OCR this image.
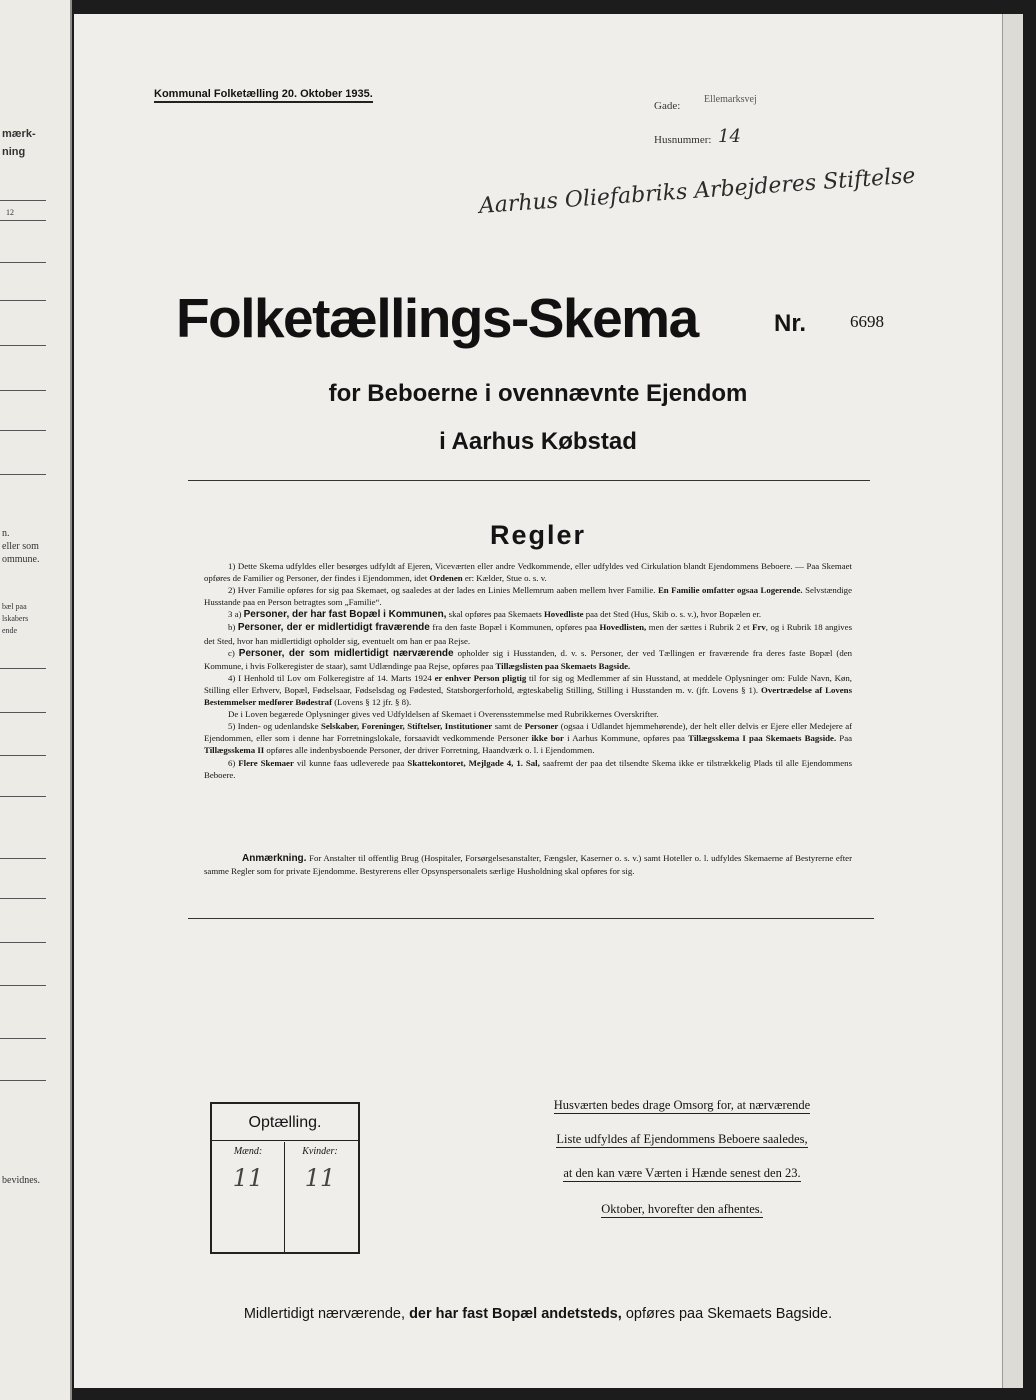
mærk-
ning
12
n.
eller som
ommune.
bæl paa
lskabers
ende
bevidnes.
Kommunal Folketælling 20. Oktober 1935.
Gade:
Ellemarksvej
Husnummer: 14
Aarhus Oliefabriks Arbejderes Stiftelse
Folketællings-Skema	Nr.	6698
for Beboerne i ovennævnte Ejendom
i Aarhus Købstad
Regler

1) Dette Skema udfyldes eller besørges udfyldt af Ejeren, Viceværten eller andre Vedkommende, eller udfyldes ved Cirkulation blandt Ejendommens Beboere. — Paa Skemaet opføres de Familier og Personer, der findes i Ejendommen, idet Ordenen er: Kælder, Stue o. s. v.

2) Hver Familie opføres for sig paa Skemaet, og saaledes at der lades en Linies Mellemrum aaben mellem hver Familie. En Familie omfatter ogsaa Logerende. Selvstændige Husstande paa en Person betragtes som „Familie“.

3 a) Personer, der har fast Bopæl i Kommunen, skal opføres paa Skemaets Hovedliste paa det Sted (Hus, Skib o. s. v.), hvor Bopælen er.

b) Personer, der er midlertidigt fraværende fra den faste Bopæl i Kommunen, opføres paa Hovedlisten, men der sættes i Rubrik 2 et Frv, og i Rubrik 18 angives det Sted, hvor han midlertidigt opholder sig, eventuelt om han er paa Rejse.

c) Personer, der som midlertidigt nærværende opholder sig i Husstanden, d. v. s. Personer, der ved Tællingen er fraværende fra deres faste Bopæl (den Kommune, i hvis Folkeregister de staar), samt Udlændinge paa Rejse, opføres paa Tillægslisten paa Skemaets Bagside.

4) I Henhold til Lov om Folkeregistre af 14. Marts 1924 er enhver Person pligtig til for sig og Medlemmer af sin Husstand, at meddele Oplysninger om: Fulde Navn, Køn, Stilling eller Erhverv, Bopæl, Fødselsaar, Fødselsdag og Fødested, Statsborgerforhold, ægteskabelig Stilling, Stilling i Husstanden m. v. (jfr. Lovens § 1). Overtrædelse af Lovens Bestemmelser medfører Bødestraf (Lovens § 12 jfr. § 8).

De i Loven begærede Oplysninger gives ved Udfyldelsen af Skemaet i Overensstemmelse med Rubrikkernes Overskrifter.

5) Inden- og udenlandske Selskaber, Foreninger, Stiftelser, Institutioner samt de Personer (ogsaa i Udlandet hjemmehørende), der helt eller delvis er Ejere eller Medejere af Ejendommen, eller som i denne har Forretningslokale, forsaavidt vedkommende Personer ikke bor i Aarhus Kommune, opføres paa Tillægsskema I paa Skemaets Bagside. Paa Tillægsskema II opføres alle indenbysboende Personer, der driver Forretning, Haandværk o. l. i Ejendommen.

6) Flere Skemaer vil kunne faas udleverede paa Skattekontoret, Mejlgade 4, 1. Sal, saafremt der paa det tilsendte Skema ikke er tilstrækkelig Plads til alle Ejendommens Beboere.

Anmærkning. For Anstalter til offentlig Brug (Hospitaler, Forsørgelsesanstalter, Fængsler, Kaserner o. s. v.) samt Hoteller o. l. udfyldes Skemaerne af Bestyrerne efter samme Regler som for private Ejendomme. Bestyrerens eller Opsynspersonalets særlige Husholdning skal opføres for sig.
Optælling.
Mænd:	Kvinder:
11	11
Husværten bedes drage Omsorg for, at nærværende
Liste udfyldes af Ejendommens Beboere saaledes,
at den kan være Værten i Hænde senest den 23.
Oktober, hvorefter den afhentes.
Midlertidigt nærværende, der har fast Bopæl andetsteds, opføres paa Skemaets Bagside.
